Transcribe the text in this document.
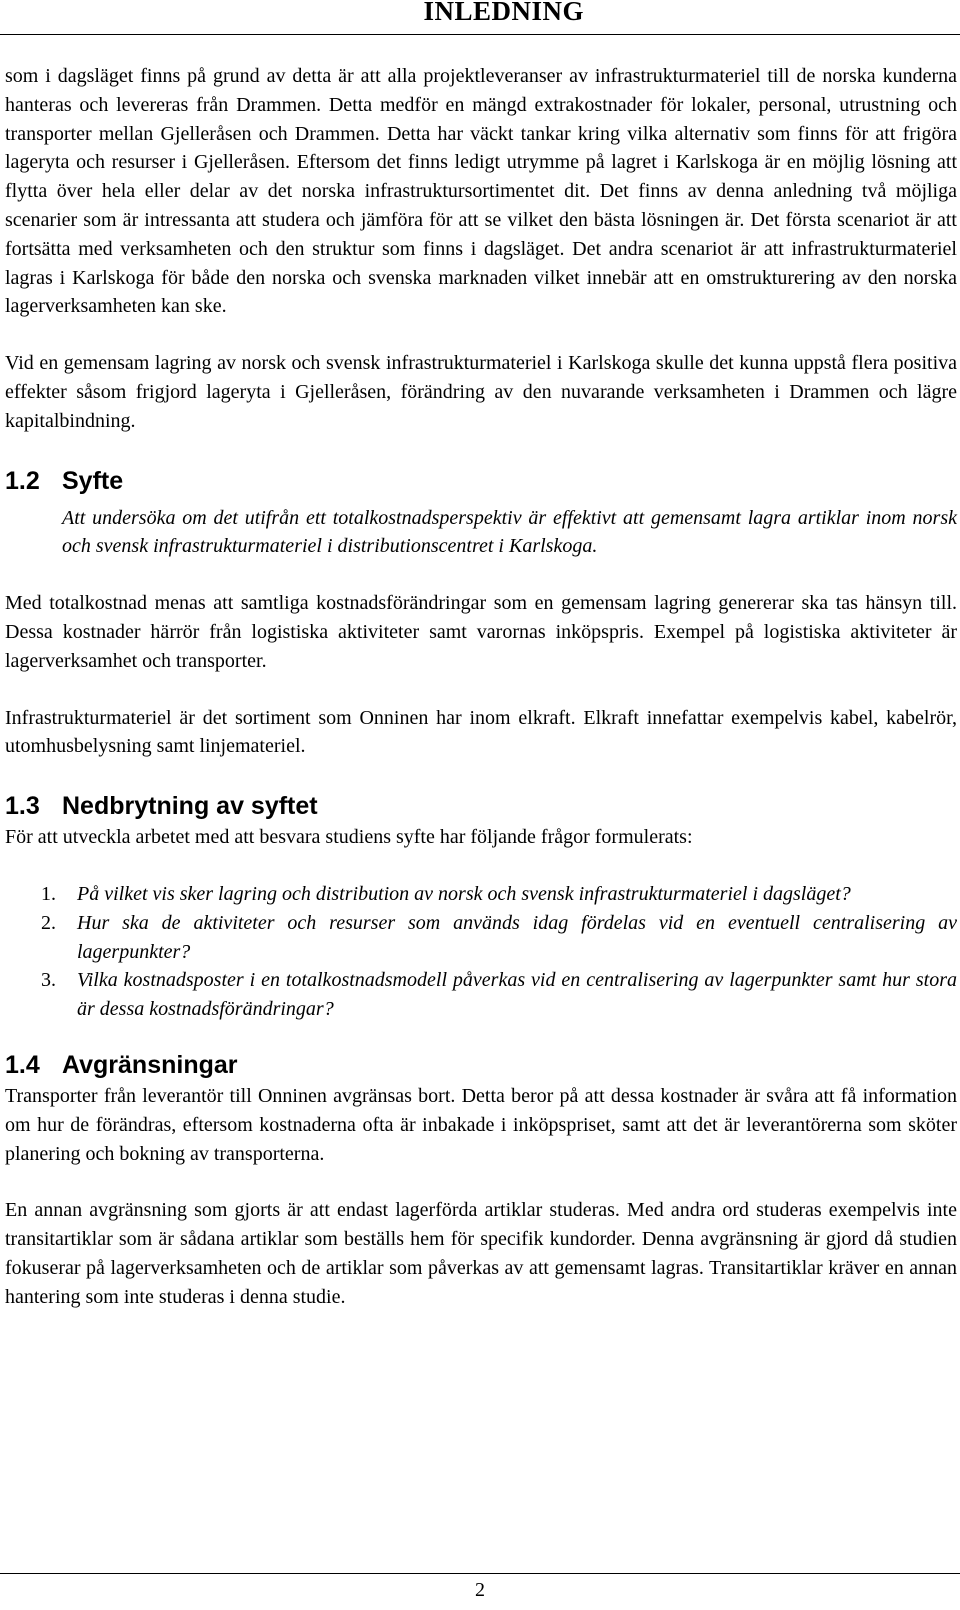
INLEDNING

som i dagsläget finns på grund av detta är att alla projektleveranser av infrastrukturmateriel till de norska kunderna hanteras och levereras från Drammen. Detta medför en mängd extrakostnader för lokaler, personal, utrustning och transporter mellan Gjelleråsen och Drammen. Detta har väckt tankar kring vilka alternativ som finns för att frigöra lageryta och resurser i Gjelleråsen. Eftersom det finns ledigt utrymme på lagret i Karlskoga är en möjlig lösning att flytta över hela eller delar av det norska infrastruktursortimentet dit. Det finns av denna anledning två möjliga scenarier som är intressanta att studera och jämföra för att se vilket den bästa lösningen är. Det första scenariot är att fortsätta med verksamheten och den struktur som finns i dagsläget. Det andra scenariot är att infrastrukturmateriel lagras i Karlskoga för både den norska och svenska marknaden vilket innebär att en omstrukturering av den norska lagerverksamheten kan ske.

Vid en gemensam lagring av norsk och svensk infrastrukturmateriel i Karlskoga skulle det kunna uppstå flera positiva effekter såsom frigjord lageryta i Gjelleråsen, förändring av den nuvarande verksamheten i Drammen och lägre kapitalbindning.

1.2 Syfte

Att undersöka om det utifrån ett totalkostnadsperspektiv är effektivt att gemensamt lagra artiklar inom norsk och svensk infrastrukturmateriel i distributionscentret i Karlskoga.

Med totalkostnad menas att samtliga kostnadsförändringar som en gemensam lagring genererar ska tas hänsyn till. Dessa kostnader härrör från logistiska aktiviteter samt varornas inköpspris. Exempel på logistiska aktiviteter är lagerverksamhet och transporter.

Infrastrukturmateriel är det sortiment som Onninen har inom elkraft. Elkraft innefattar exempelvis kabel, kabelrör, utomhusbelysning samt linjemateriel.

1.3 Nedbrytning av syftet

För att utveckla arbetet med att besvara studiens syfte har följande frågor formulerats:

1. På vilket vis sker lagring och distribution av norsk och svensk infrastrukturmateriel i dagsläget?
2. Hur ska de aktiviteter och resurser som används idag fördelas vid en eventuell centralisering av lagerpunkter?
3. Vilka kostnadsposter i en totalkostnadsmodell påverkas vid en centralisering av lagerpunkter samt hur stora är dessa kostnadsförändringar?
1.4 Avgränsningar

Transporter från leverantör till Onninen avgränsas bort. Detta beror på att dessa kostnader är svåra att få information om hur de förändras, eftersom kostnaderna ofta är inbakade i inköpspriset, samt att det är leverantörerna som sköter planering och bokning av transporterna.

En annan avgränsning som gjorts är att endast lagerförda artiklar studeras. Med andra ord studeras exempelvis inte transitartiklar som är sådana artiklar som beställs hem för specifik kundorder. Denna avgränsning är gjord då studien fokuserar på lagerverksamheten och de artiklar som påverkas av att gemensamt lagras. Transitartiklar kräver en annan hantering som inte studeras i denna studie.

2
